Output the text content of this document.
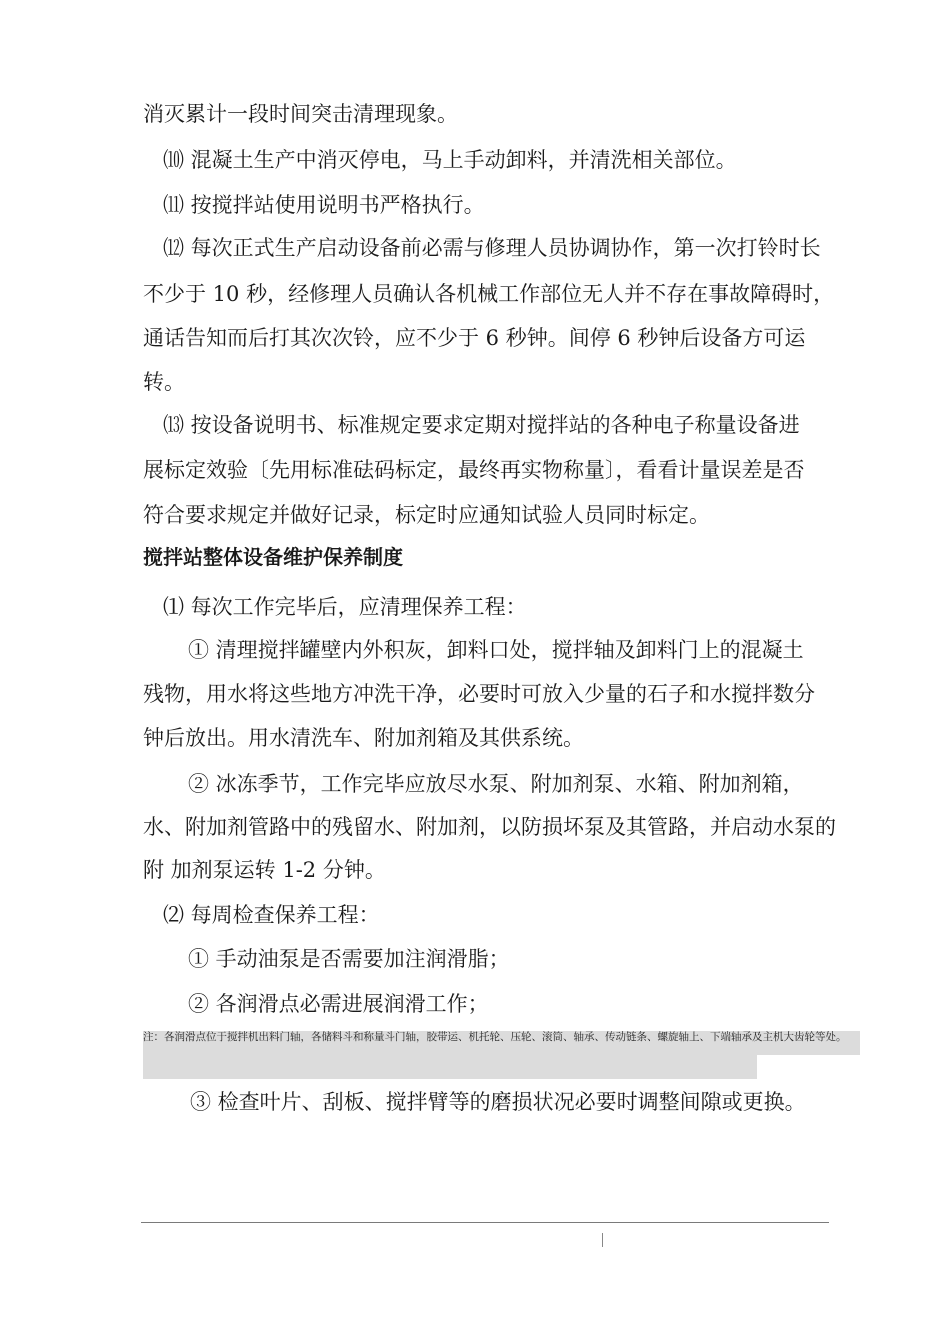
消灭累计一段时间突击清理现象。
⑽ 混凝土生产中消灭停电，马上手动卸料，并清洗相关部位。
⑾ 按搅拌站使用说明书严格执行。
⑿ 每次正式生产启动设备前必需与修理人员协调协作，第一次打铃时长
不少于 10 秒，经修理人员确认各机械工作部位无人并不存在事故障碍时，
通话告知而后打其次次铃，应不少于 6 秒钟。间停 6 秒钟后设备方可运
转。
⒀ 按设备说明书、标准规定要求定期对搅拌站的各种电子称量设备进
展标定效验〔先用标准砝码标定，最终再实物称量〕，看看计量误差是否
符合要求规定并做好记录，标定时应通知试验人员同时标定。
搅拌站整体设备维护保养制度
⑴ 每次工作完毕后，应清理保养工程：
① 清理搅拌罐壁内外积灰，卸料口处，搅拌轴及卸料门上的混凝土
残物，用水将这些地方冲洗干净，必要时可放入少量的石子和水搅拌数分
钟后放出。用水清洗车、附加剂箱及其供系统。
② 冰冻季节，工作完毕应放尽水泵、附加剂泵、水箱、附加剂箱，
水、附加剂管路中的残留水、附加剂，以防损坏泵及其管路，并启动水泵的
附 加剂泵运转 1-2 分钟。
⑵ 每周检查保养工程：
① 手动油泵是否需要加注润滑脂；
② 各润滑点必需进展润滑工作；
注：各润滑点位于搅拌机出料门轴，各储料斗和称量斗门轴，胶带运、机托轮、压轮、滚筒、轴承、传动链条、螺旋轴上、下端轴承及主机大齿轮等处。
③ 检查叶片、刮板、搅拌臂等的磨损状况必要时调整间隙或更换。
